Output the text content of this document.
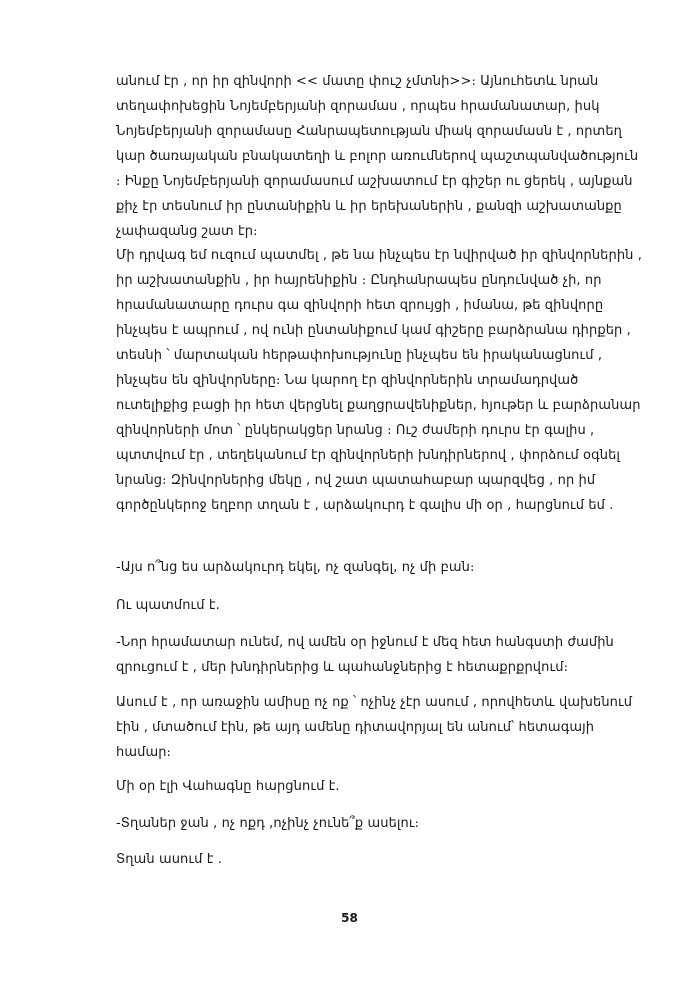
անում էր , որ իր զինվորի << մատը փուշ չմտնի>>։ Այնուհետև նրան տեղափոխեցին Նոյեմբերյանի զորամաս , որպես հրամանատար, իսկ Նոյեմբերյանի զորամասը Հանրապետության միակ զորամասն է , որտեղ կար ծառայական բնակատեղի և բոլոր առումներով պաշտպանվածություն ։ Ինքը Նոյեմբերյանի զորամասում աշխատում էր գիշեր ու ցերեկ , այնքան քիչ էր տեսնում իր ընտանիքին և իր երեխաներին , քանզի աշխատանքը չափազանց շատ էր։

Մի դրվագ եմ ուզում պատմել , թե նա ինչպես էր նվիրված իր զինվորներին , իր աշխատանքին , իր հայրենիքին ։ Ընդհանրապես ընդունված չի, որ հրամանատարը դուրս գա զինվորի հետ զրույցի , իմանա, թե զինվորը ինչպես է ապրում , ով ունի ընտանիքում կամ գիշերը բարձրանա դիրքեր , տեսնի ՝ մարտական հերթափոխությունը ինչպես են իրականացնում , ինչպես են զինվորները։ Նա կարող էր զինվորներին տրամադրված ուտելիքից բացի իր հետ վերցնել քաղցրավենիքներ, հյութեր և բարձրանար զինվորների մոտ ՝ ընկերակցեր նրանց ։ Ուշ ժամերի դուրս էր գալիս , պտտվում էր , տեղեկանում էր զինվորների խնդիրներով , փորձում օգնել նրանց։ Զինվորներից մեկը , ով շատ պատահաբար պարզվեց , որ իմ գործընկերոջ եղբոր տղան է , արձակուրդ է գալիս մի օր , հարցնում եմ .

-Այս ո՞նց ես արձակուրդ եկել, ոչ զանգել, ոչ մի բան։

Ու պատմում է.

-Նոր հրամատար ունեմ, ով ամեն օր իջնում է մեզ հետ հանգստի ժամին զրուցում է , մեր խնդիրներից և պահանջներից է հետաքրքրվում։

Ասում է , որ առաջին ամիսը ոչ ոք ՝ ոչինչ չէր ասում , որովհետև վախենում էին , մտածում էին, թե այդ ամենը դիտավորյալ են անում՝ հետագայի համար։

Մի օր էլի Վահագնը հարցնում է.

-Տղաներ ջան , ոչ ոքդ ,ոչինչ չունե՞ք ասելու։

Տղան ասում է .

58
